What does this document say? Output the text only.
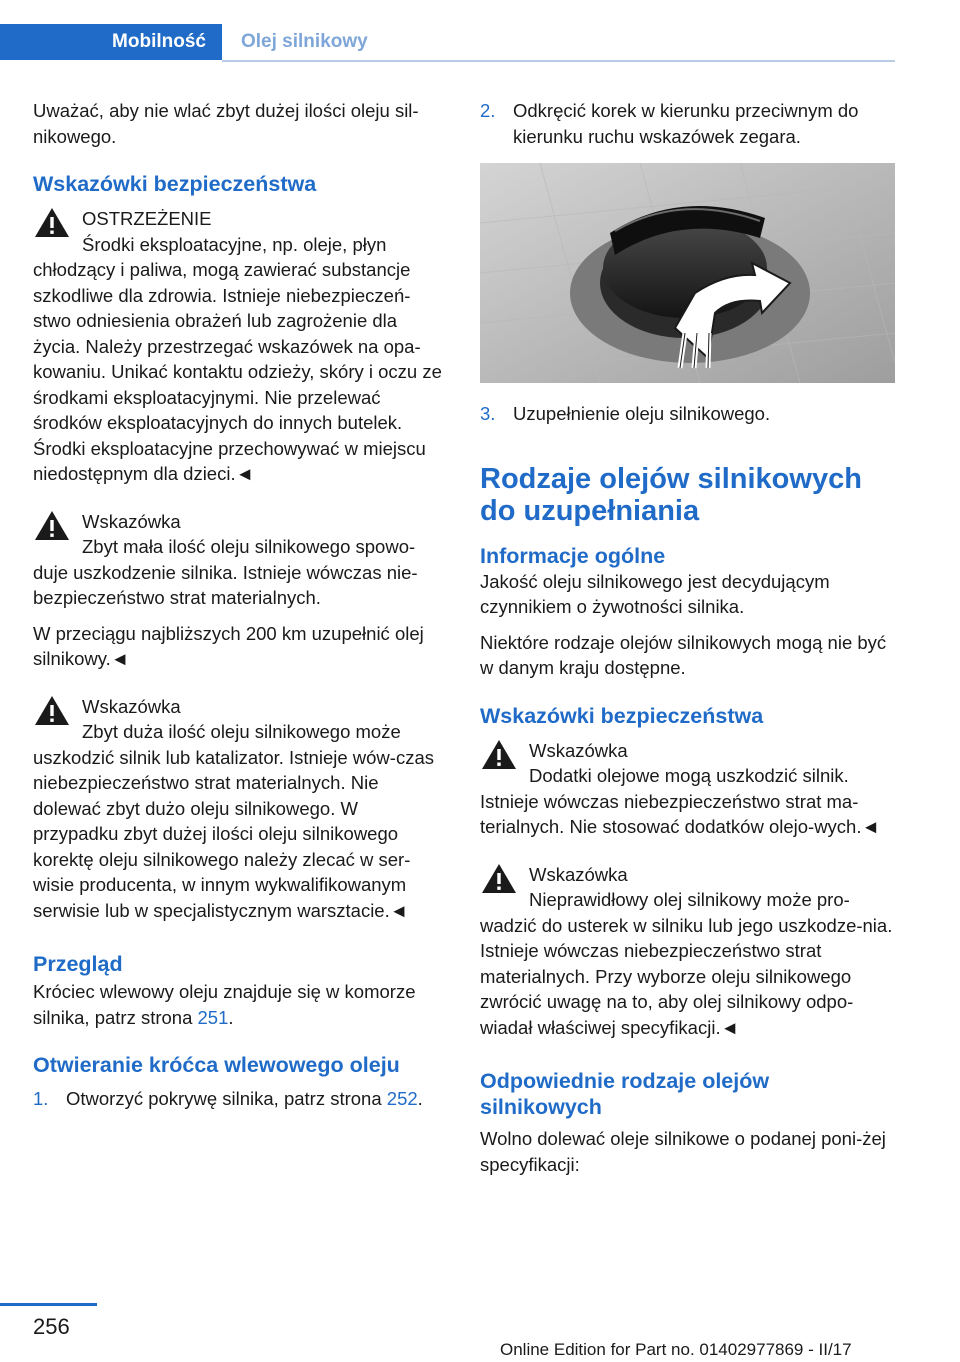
Mobilność	Olej silnikowy

Uważać, aby nie wlać zbyt dużej ilości oleju sil-nikowego.

Wskazówki bezpieczeństwa
OSTRZEŻENIE
Środki eksploatacyjne, np. oleje, płyn
chłodzący i paliwa, mogą zawierać substancje szkodliwe dla zdrowia. Istnieje niebezpieczeń-stwo odniesienia obrażeń lub zagrożenie dla życia. Należy przestrzegać wskazówek na opa-kowaniu. Unikać kontaktu odzieży, skóry i oczu ze środkami eksploatacyjnymi. Nie przelewać środków eksploatacyjnych do innych butelek. Środki eksploatacyjne przechowywać w miejscu niedostępnym dla dzieci.◄
Wskazówka
Zbyt mała ilość oleju silnikowego spowo-
duje uszkodzenie silnika. Istnieje wówczas nie-bezpieczeństwo strat materialnych.

W przeciągu najbliższych 200 km uzupełnić olej silnikowy.◄

Wskazówka
Zbyt duża ilość oleju silnikowego może
uszkodzić silnik lub katalizator. Istnieje wów-czas niebezpieczeństwo strat materialnych. Nie dolewać zbyt dużo oleju silnikowego. W przypadku zbyt dużej ilości oleju silnikowego korektę oleju silnikowego należy zlecać w ser-wisie producenta, w innym wykwalifikowanym serwisie lub w specjalistycznym warsztacie.◄
Przegląd

Króciec wlewowy oleju znajduje się w komorze silnika, patrz strona 251.

Otwieranie króćca wlewowego oleju
1. Otworzyć pokrywę silnika, patrz strona 252.
2. Odkręcić korek w kierunku przeciwnym do kierunku ruchu wskazówek zegara.
3. Uzupełnienie oleju silnikowego.
Rodzaje olejów silnikowych do uzupełniania
Informacje ogólne

Jakość oleju silnikowego jest decydującym czynnikiem o żywotności silnika.

Niektóre rodzaje olejów silnikowych mogą nie być w danym kraju dostępne.

Wskazówki bezpieczeństwa
Wskazówka
Dodatki olejowe mogą uszkodzić silnik.
Istnieje wówczas niebezpieczeństwo strat ma-terialnych. Nie stosować dodatków olejo-wych.◄
Wskazówka
Nieprawidłowy olej silnikowy może pro-
wadzić do usterek w silniku lub jego uszkodze-nia. Istnieje wówczas niebezpieczeństwo strat materialnych. Przy wyborze oleju silnikowego zwrócić uwagę na to, aby olej silnikowy odpo-wiadał właściwej specyfikacji.◄
Odpowiednie rodzaje olejów silnikowych

Wolno dolewać oleje silnikowe o podanej poni-żej specyfikacji:

256
Online Edition for Part no. 01402977869 - II/17
